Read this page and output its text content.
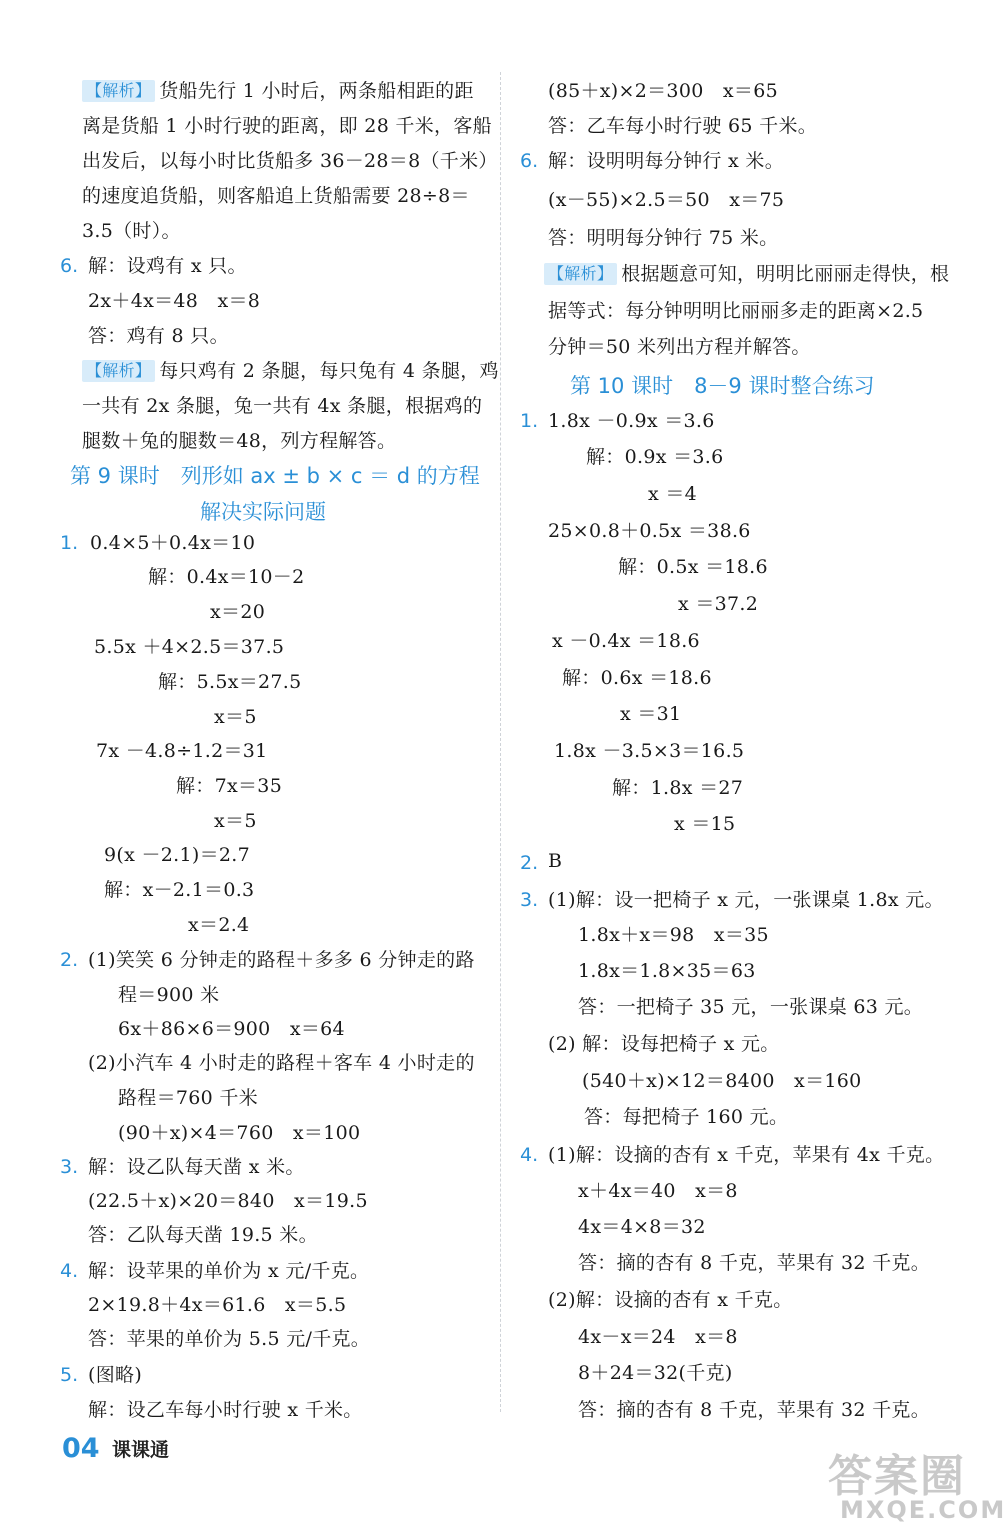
【解析】 货船先行 1 小时后，两条船相距的距
离是货船 1 小时行驶的距离，即 28 千米，客船
出发后，以每小时比货船多 36－28＝8（千米）
的速度追货船，则客船追上货船需要 28÷8＝
3.5（时）。
6. 解：设鸡有 x 只。
2x＋4x＝48　x＝8
答：鸡有 8 只。
【解析】 每只鸡有 2 条腿，每只兔有 4 条腿，鸡
一共有 2x 条腿，兔一共有 4x 条腿，根据鸡的
腿数＋兔的腿数＝48，列方程解答。
第 9 课时　列形如 ax ± b × c ＝ d 的方程
解决实际问题
1. 0.4×5＋0.4x＝10
解：0.4x＝10－2
x＝20
5.5x ＋4×2.5＝37.5
解：5.5x＝27.5
x＝5
7x －4.8÷1.2＝31
解：7x＝35
x＝5
9(x －2.1)＝2.7
解：x－2.1＝0.3
x＝2.4
2. (1)笑笑 6 分钟走的路程＋多多 6 分钟走的路
程＝900 米
6x＋86×6＝900　x＝64
(2)小汽车 4 小时走的路程＋客车 4 小时走的
路程＝760 千米
(90＋x)×4＝760　x＝100
3. 解：设乙队每天凿 x 米。
(22.5＋x)×20＝840　x＝19.5
答：乙队每天凿 19.5 米。
4. 解：设苹果的单价为 x 元/千克。
2×19.8＋4x＝61.6　x＝5.5
答：苹果的单价为 5.5 元/千克。
5. (图略)
解：设乙车每小时行驶 x 千米。
(85＋x)×2＝300　x＝65
答：乙车每小时行驶 65 千米。
6. 解：设明明每分钟行 x 米。
(x－55)×2.5＝50　x＝75
答：明明每分钟行 75 米。
【解析】 根据题意可知，明明比丽丽走得快，根
据等式：每分钟明明比丽丽多走的距离×2.5
分钟＝50 米列出方程并解答。
第 10 课时　8－9 课时整合练习
1. 1.8x －0.9x ＝3.6
解：0.9x ＝3.6
x ＝4
25×0.8＋0.5x ＝38.6
解：0.5x ＝18.6
x ＝37.2
x －0.4x ＝18.6
解：0.6x ＝18.6
x ＝31
1.8x －3.5×3＝16.5
解：1.8x ＝27
x ＝15
2. B
3. (1)解：设一把椅子 x 元，一张课桌 1.8x 元。
1.8x＋x＝98　x＝35
1.8x＝1.8×35＝63
答：一把椅子 35 元，一张课桌 63 元。
(2) 解：设每把椅子 x 元。
(540＋x)×12＝8400　x＝160
答：每把椅子 160 元。
4. (1)解：设摘的杏有 x 千克，苹果有 4x 千克。
x＋4x＝40　x＝8
4x＝4×8＝32
答：摘的杏有 8 千克，苹果有 32 千克。
(2)解：设摘的杏有 x 千克。
4x－x＝24　x＝8
8＋24＝32(千克)
答：摘的杏有 8 千克，苹果有 32 千克。
04 课课通
答案圈
MXQE.COM
